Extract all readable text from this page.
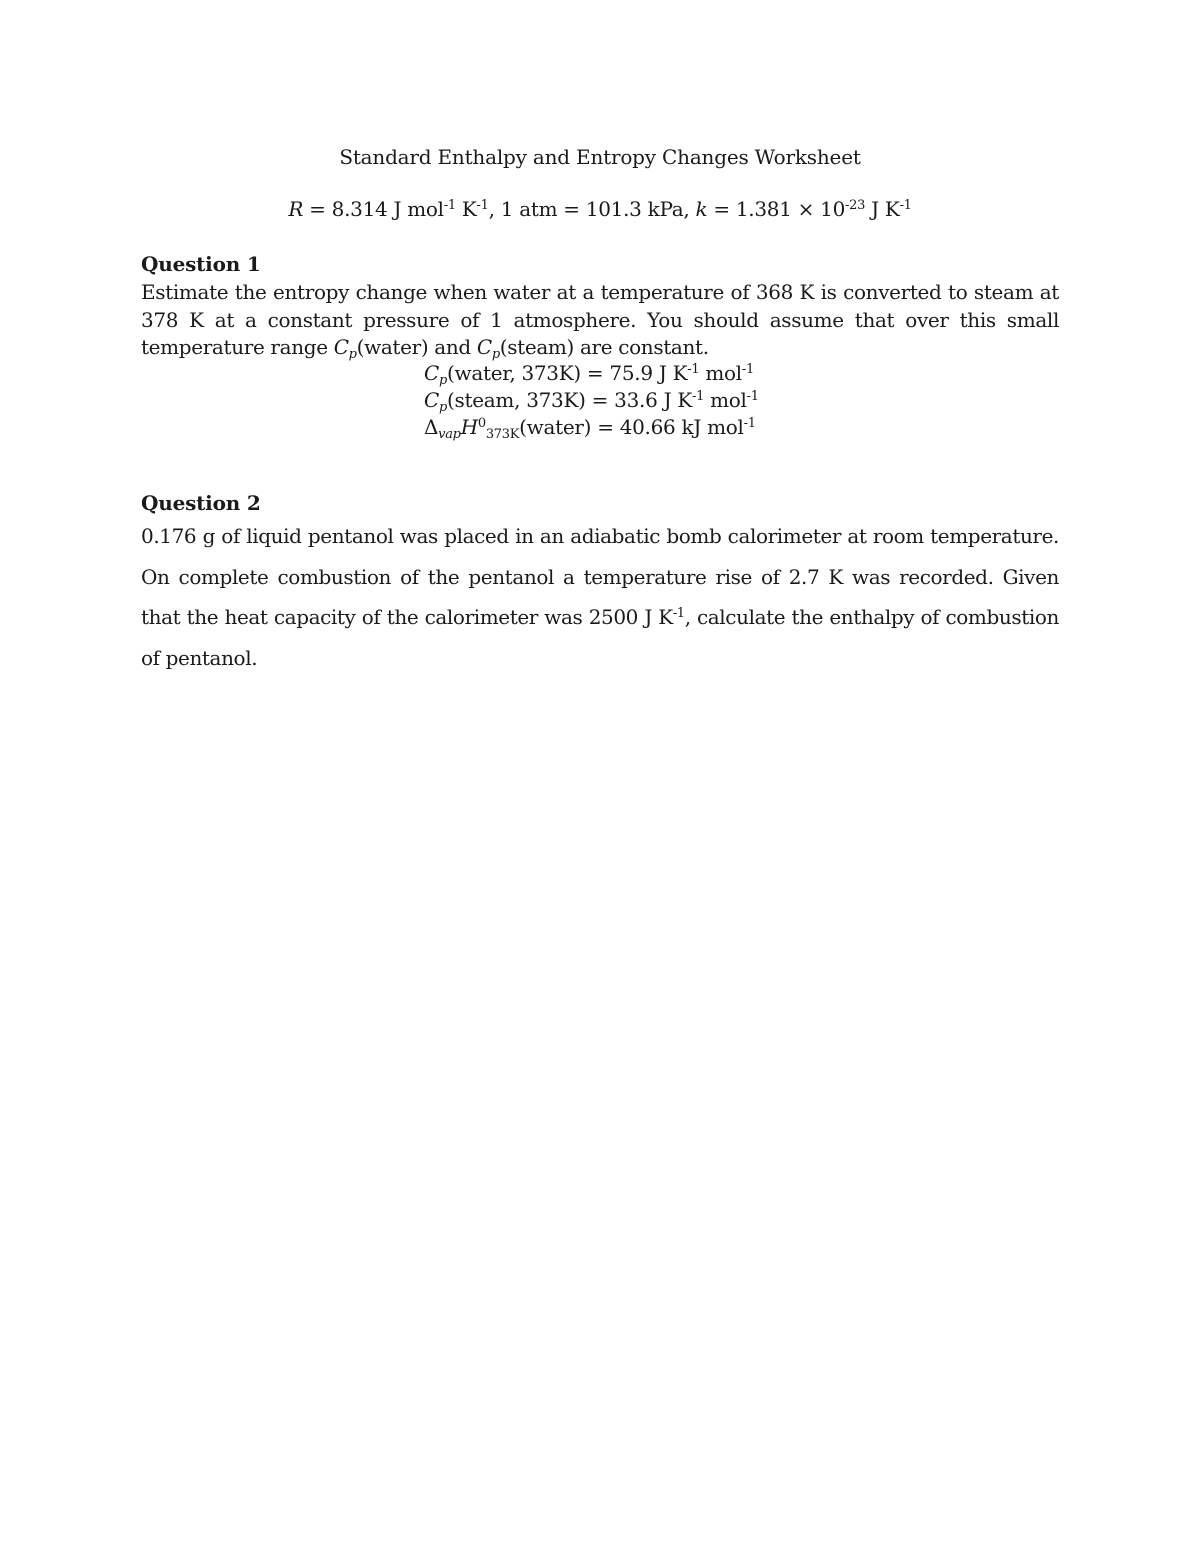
Standard Enthalpy and Entropy Changes Worksheet
R = 8.314 J mol$^{-1}$ $K^{-1}$, 1 atm = 101.3 kPa, $k = 1.381 \times 10^{-23}$ J $K^{-1}$
Question 1
Estimate the entropy change when water at a temperature of 368 K is converted to steam at 378 K at a constant pressure of 1 atmosphere. You should assume that over this small temperature range $C_p(water)$ and $C_p(steam)$ are constant.
$C_p(water$, 373K) = 75.9 J $K^{-1}$ mol$^{-1}$
$C_p(steam$, 373K) = 33.6 J $K^{-1}$ mol$^{-1}$
$\Delta_{vap}H^0_{373K}(water) = 40.66$ kJ mol$^{-1}$
Question 2
0.176 g of liquid pentanol was placed in an adiabatic bomb calorimeter at room temperature. On complete combustion of the pentanol a temperature rise of 2.7 K was recorded. Given that the heat capacity of the calorimeter was 2500 J $K^{-1}$, calculate the enthalpy of combustion of pentanol.
